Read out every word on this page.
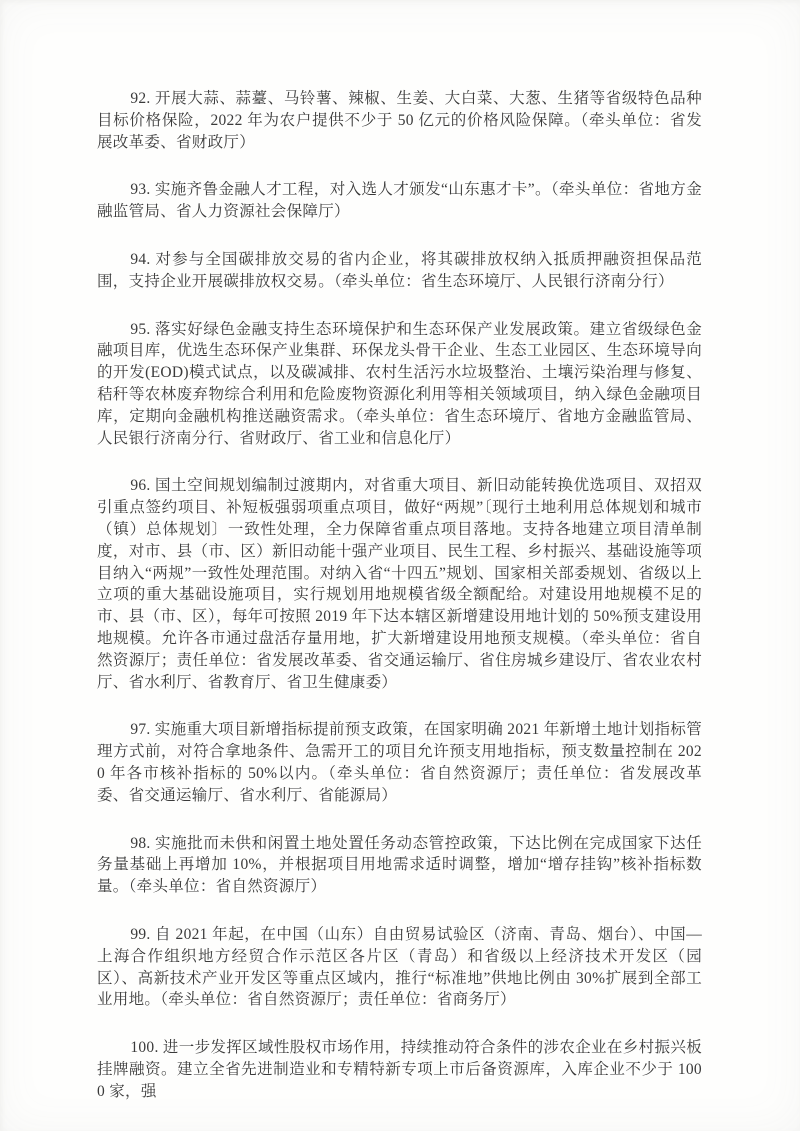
92. 开展大蒜、蒜薹、马铃薯、辣椒、生姜、大白菜、大葱、生猪等省级特色品种目标价格保险，2022 年为农户提供不少于 50 亿元的价格风险保障。（牵头单位：省发展改革委、省财政厅）

93. 实施齐鲁金融人才工程，对入选人才颁发“山东惠才卡”。（牵头单位：省地方金融监管局、省人力资源社会保障厅）

94. 对参与全国碳排放交易的省内企业，将其碳排放权纳入抵质押融资担保品范围，支持企业开展碳排放权交易。（牵头单位：省生态环境厅、人民银行济南分行）

95. 落实好绿色金融支持生态环境保护和生态环保产业发展政策。建立省级绿色金融项目库，优选生态环保产业集群、环保龙头骨干企业、生态工业园区、生态环境导向的开发(EOD)模式试点，以及碳减排、农村生活污水垃圾整治、土壤污染治理与修复、秸秆等农林废弃物综合利用和危险废物资源化利用等相关领域项目，纳入绿色金融项目库，定期向金融机构推送融资需求。（牵头单位：省生态环境厅、省地方金融监管局、人民银行济南分行、省财政厅、省工业和信息化厅）

96. 国土空间规划编制过渡期内，对省重大项目、新旧动能转换优选项目、双招双引重点签约项目、补短板强弱项重点项目，做好“两规”〔现行土地利用总体规划和城市（镇）总体规划〕一致性处理，全力保障省重点项目落地。支持各地建立项目清单制度，对市、县（市、区）新旧动能十强产业项目、民生工程、乡村振兴、基础设施等项目纳入“两规”一致性处理范围。对纳入省“十四五”规划、国家相关部委规划、省级以上立项的重大基础设施项目，实行规划用地规模省级全额配给。对建设用地规模不足的市、县（市、区），每年可按照 2019 年下达本辖区新增建设用地计划的 50%预支建设用地规模。允许各市通过盘活存量用地，扩大新增建设用地预支规模。（牵头单位：省自然资源厅；责任单位：省发展改革委、省交通运输厅、省住房城乡建设厅、省农业农村厅、省水利厅、省教育厅、省卫生健康委）

97. 实施重大项目新增指标提前预支政策，在国家明确 2021 年新增土地计划指标管理方式前，对符合拿地条件、急需开工的项目允许预支用地指标，预支数量控制在 2020 年各市核补指标的 50%以内。（牵头单位：省自然资源厅；责任单位：省发展改革委、省交通运输厅、省水利厅、省能源局）

98. 实施批而未供和闲置土地处置任务动态管控政策，下达比例在完成国家下达任务量基础上再增加 10%，并根据项目用地需求适时调整，增加“增存挂钩”核补指标数量。（牵头单位：省自然资源厅）

99. 自 2021 年起，在中国（山东）自由贸易试验区（济南、青岛、烟台）、中国—上海合作组织地方经贸合作示范区各片区（青岛）和省级以上经济技术开发区（园区）、高新技术产业开发区等重点区域内，推行“标准地”供地比例由 30%扩展到全部工业用地。（牵头单位：省自然资源厅；责任单位：省商务厅）

100. 进一步发挥区域性股权市场作用，持续推动符合条件的涉农企业在乡村振兴板挂牌融资。建立全省先进制造业和专精特新专项上市后备资源库，入库企业不少于 1000 家，强
